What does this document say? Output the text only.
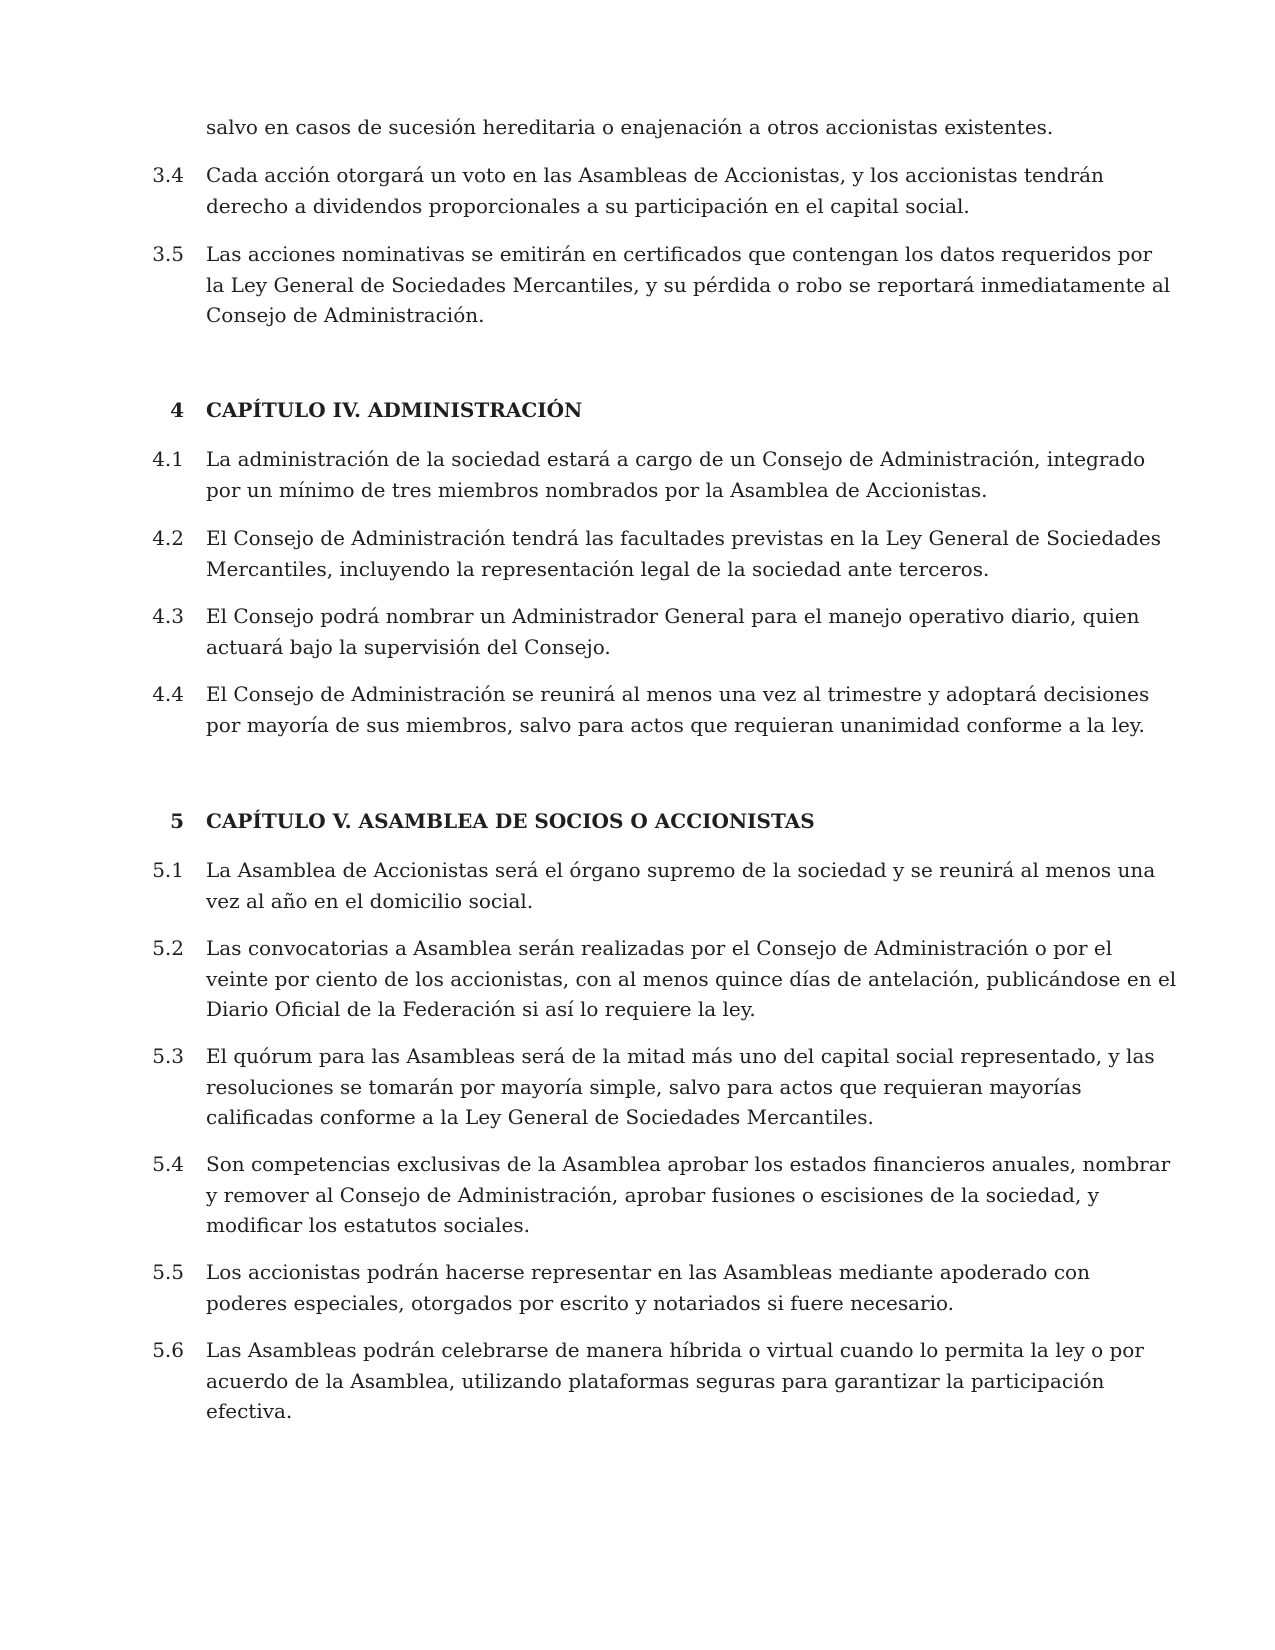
salvo en casos de sucesión hereditaria o enajenación a otros accionistas existentes.
3.4 Cada acción otorgará un voto en las Asambleas de Accionistas, y los accionistas tendrán
derecho a dividendos proporcionales a su participación en el capital social.
3.5 Las acciones nominativas se emitirán en certificados que contengan los datos requeridos por
la Ley General de Sociedades Mercantiles, y su pérdida o robo se reportará inmediatamente al
Consejo de Administración.
4 CAPÍTULO IV. ADMINISTRACIÓN
4.1 La administración de la sociedad estará a cargo de un Consejo de Administración, integrado
por un mínimo de tres miembros nombrados por la Asamblea de Accionistas.
4.2 El Consejo de Administración tendrá las facultades previstas en la Ley General de Sociedades
Mercantiles, incluyendo la representación legal de la sociedad ante terceros.
4.3 El Consejo podrá nombrar un Administrador General para el manejo operativo diario, quien
actuará bajo la supervisión del Consejo.
4.4 El Consejo de Administración se reunirá al menos una vez al trimestre y adoptará decisiones
por mayoría de sus miembros, salvo para actos que requieran unanimidad conforme a la ley.
5 CAPÍTULO V. ASAMBLEA DE SOCIOS O ACCIONISTAS
5.1 La Asamblea de Accionistas será el órgano supremo de la sociedad y se reunirá al menos una
vez al año en el domicilio social.
5.2 Las convocatorias a Asamblea serán realizadas por el Consejo de Administración o por el
veinte por ciento de los accionistas, con al menos quince días de antelación, publicándose en el
Diario Oficial de la Federación si así lo requiere la ley.
5.3 El quórum para las Asambleas será de la mitad más uno del capital social representado, y las
resoluciones se tomarán por mayoría simple, salvo para actos que requieran mayorías
calificadas conforme a la Ley General de Sociedades Mercantiles.
5.4 Son competencias exclusivas de la Asamblea aprobar los estados financieros anuales, nombrar
y remover al Consejo de Administración, aprobar fusiones o escisiones de la sociedad, y
modificar los estatutos sociales.
5.5 Los accionistas podrán hacerse representar en las Asambleas mediante apoderado con
poderes especiales, otorgados por escrito y notariados si fuere necesario.
5.6 Las Asambleas podrán celebrarse de manera híbrida o virtual cuando lo permita la ley o por
acuerdo de la Asamblea, utilizando plataformas seguras para garantizar la participación
efectiva.
